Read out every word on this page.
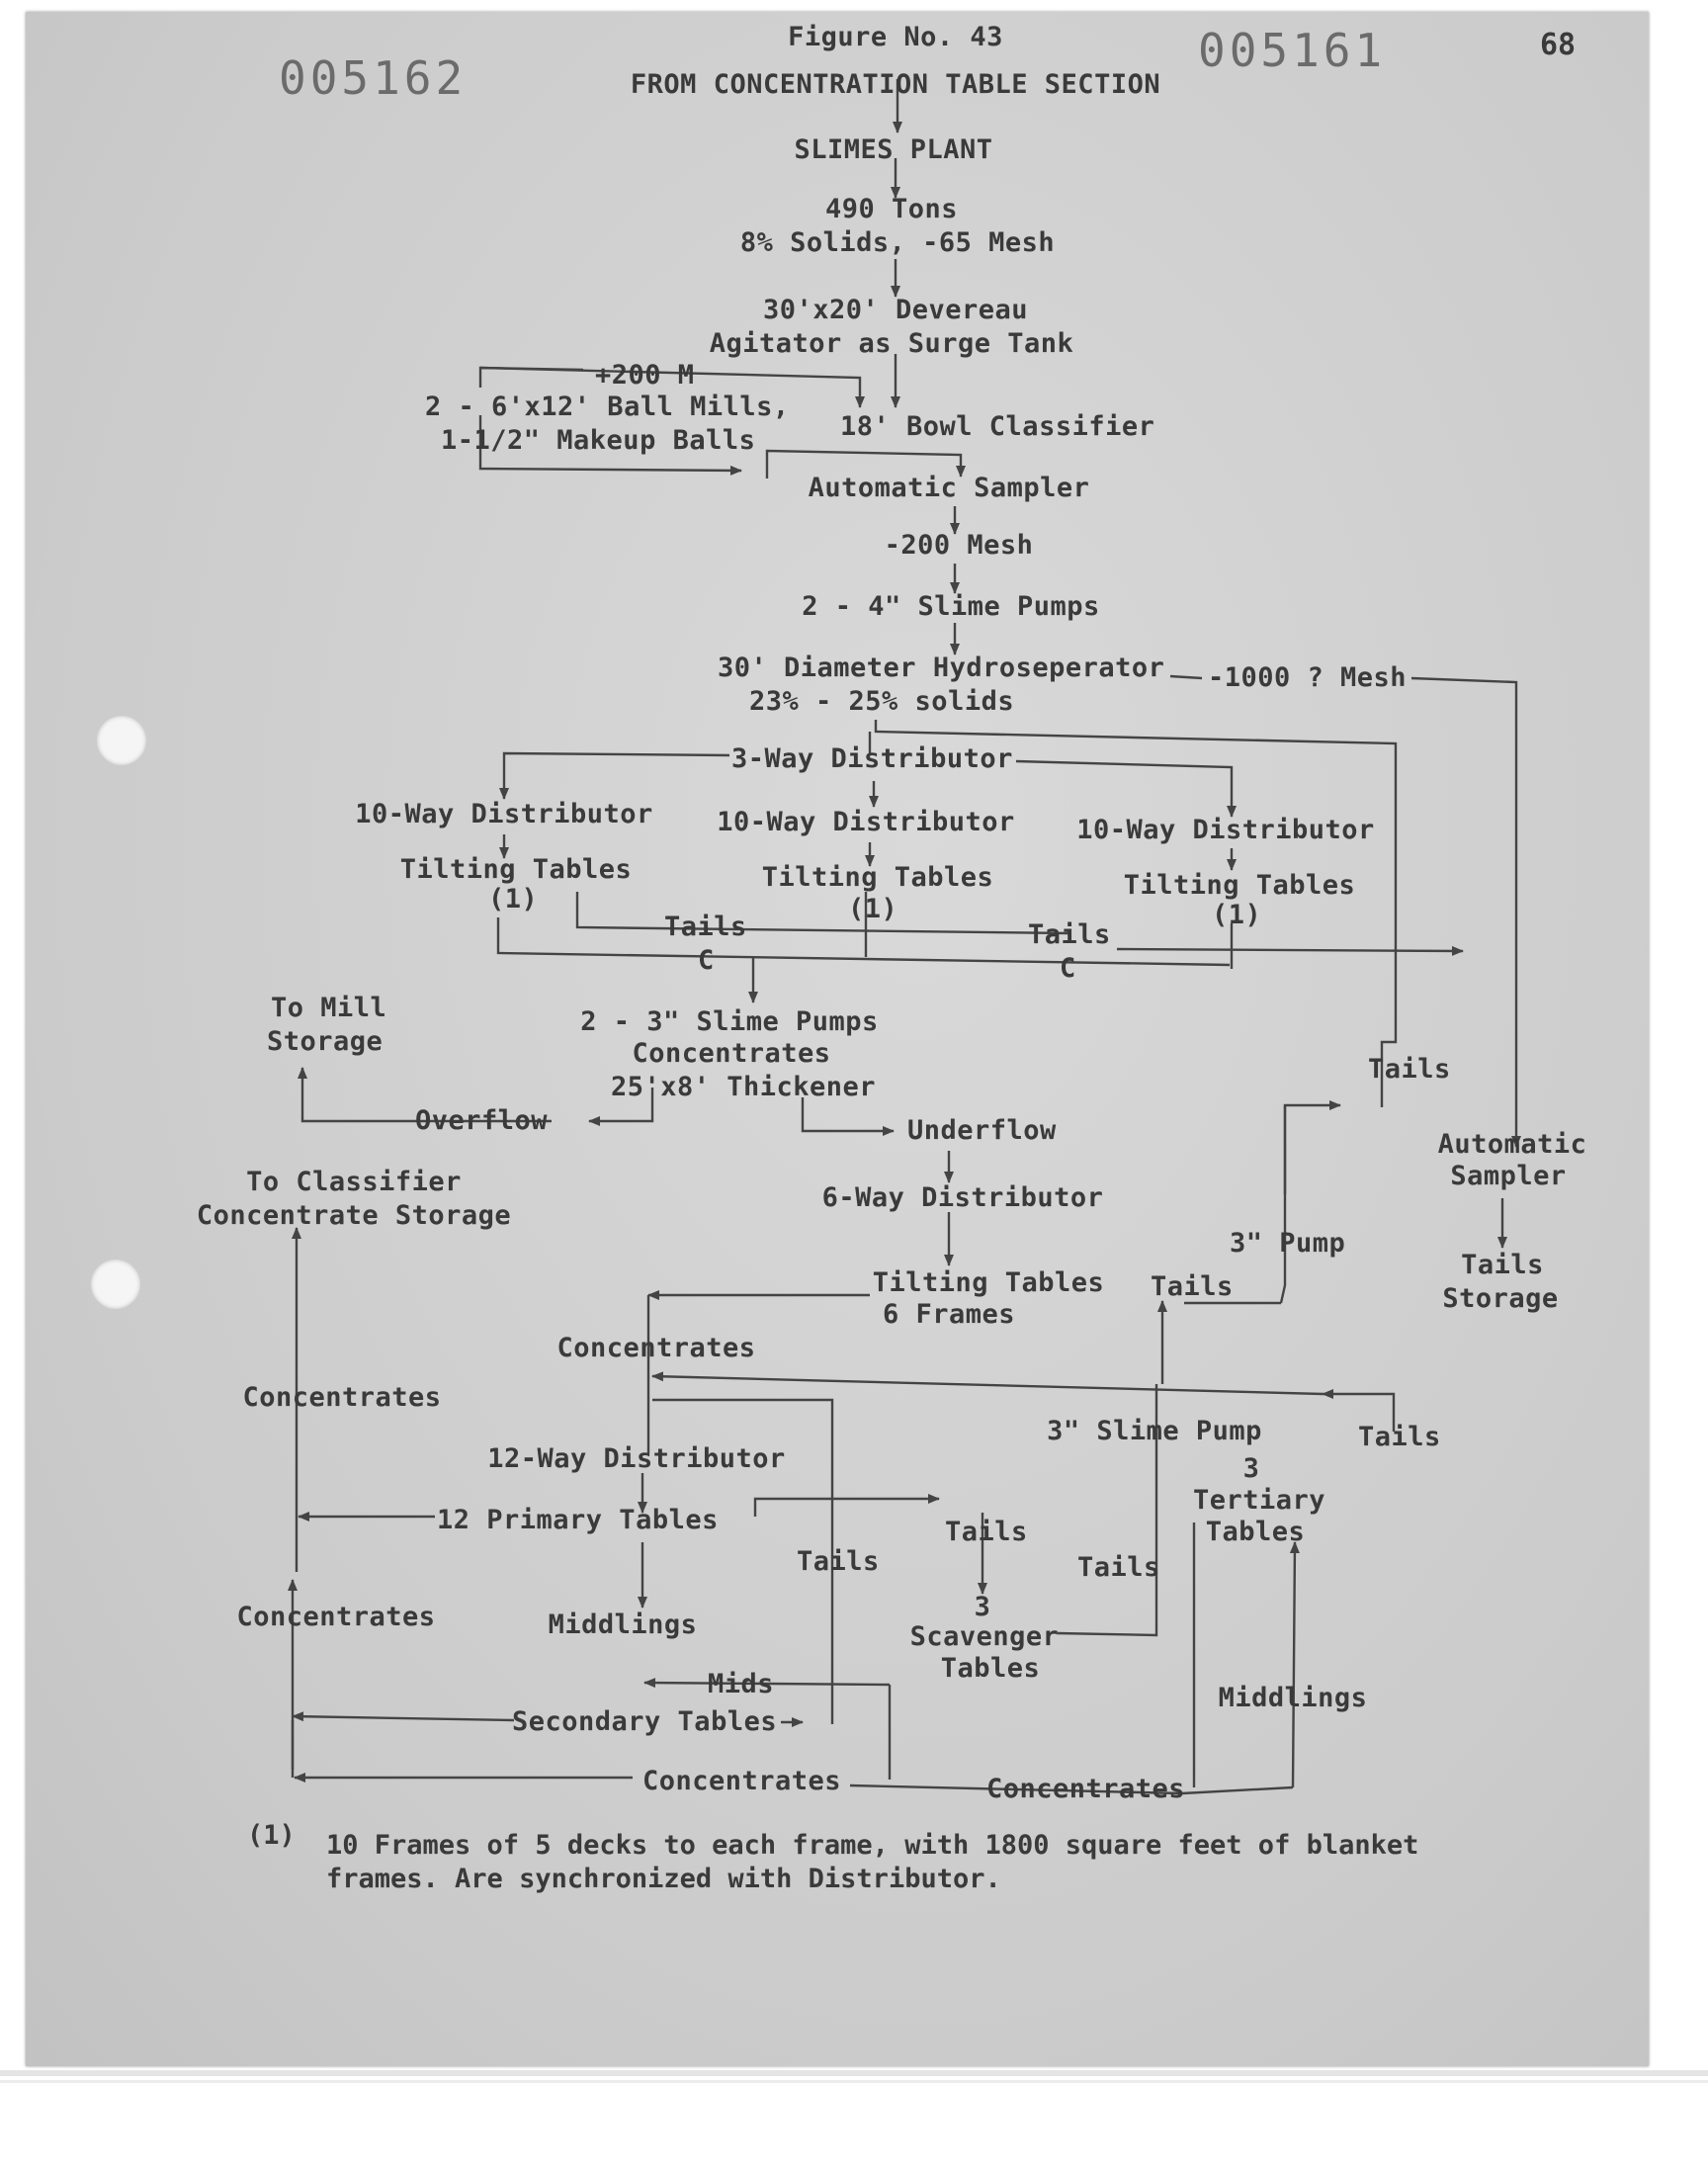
005162
005161	68
Figure No. 43
FROM CONCENTRATION TABLE SECTION
SLIMES PLANT
490 Tons
8% Solids, -65 Mesh
30'x20' Devereau
Agitator as Surge Tank
+200 M
2 - 6'x12' Ball Mills,
1-1/2" Makeup Balls	18' Bowl Classifier
Automatic Sampler
-200 Mesh
2 - 4" Slime Pumps
30' Diameter Hydroseperator
23% - 25% solids
-1000 ? Mesh
3-Way Distributor
10-Way Distributor 10-Way Distributor 10-Way Distributor
Tilting Tables	Tilting Tables	Tilting Tables
(1)	(1)	(1)
Tails	Tails
C	C
To Mill
Storage
2 - 3" Slime Pumps
Concentrates
25'x8' Thickener
Overflow	Underflow
Tails
Automatic
Sampler
Tails
Storage
To Classifier
Concentrate Storage
6-Way Distributor
3" Pump
Tilting Tables
6 Frames
Tails
Concentrates
Concentrates
3" Slime Pump	Tails
12-Way Distributor	3
Tertiary
Tables
12 Primary Tables	Tails
Tails	Tails
Concentrates	Middlings
3
Scavenger
Tables
Middlings
Mids
Secondary Tables
Concentrates	Concentrates
(1) 10 Frames of 5 decks to each frame, with 1800 square feet of blanket
frames. Are synchronized with Distributor.
